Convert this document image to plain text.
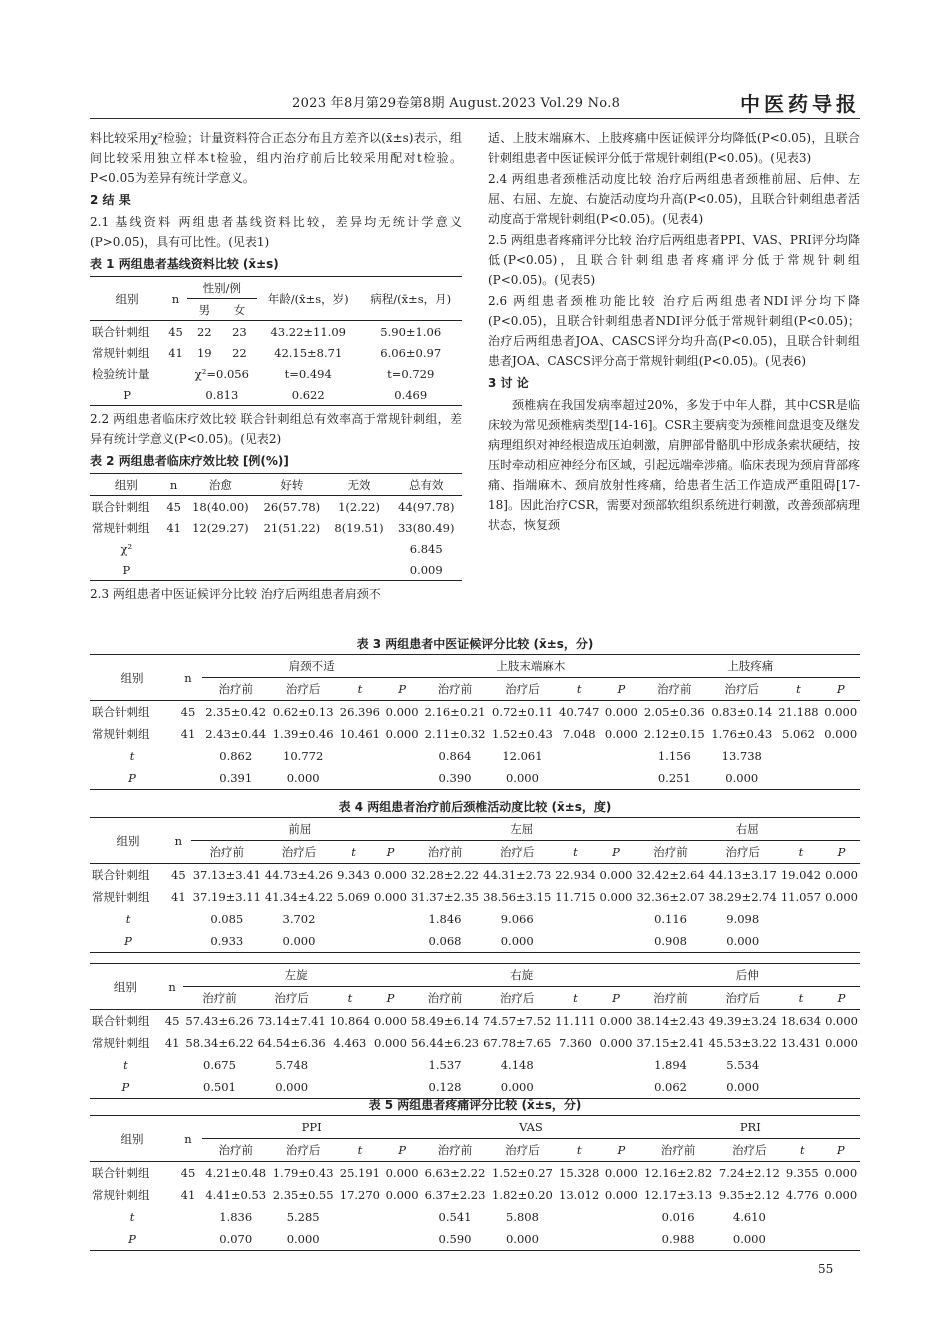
2023 年8月第29卷第8期 August.2023 Vol.29 No.8	中医药导报

料比较采用χ²检验；计量资料符合正态分布且方差齐以(x̄±s)表示，组间比较采用独立样本t检验，组内治疗前后比较采用配对t检验。P<0.05为差异有统计学意义。

2 结 果

2.1 基线资料 两组患者基线资料比较，差异均无统计学意义(P>0.05)，具有可比性。(见表1)

表 1 两组患者基线资料比较 (x̄±s)

组别	n	性别/例		年龄/(x̄±s，岁)	病程/(x̄±s，月)
		男	女		
联合针刺组	45	22	23	43.22±11.09	5.90±1.06
常规针刺组	41	19	22	42.15±8.71	6.06±0.97
检验统计量		χ²=0.056		t=0.494	t=0.729
P		0.813		0.622	0.469

2.2 两组患者临床疗效比较 联合针刺组总有效率高于常规针刺组，差异有统计学意义(P<0.05)。(见表2)

表 2 两组患者临床疗效比较 [例(%)]

组别	n	治愈	好转	无效	总有效
联合针刺组	45	18(40.00)	26(57.78)	1(2.22)	44(97.78)
常规针刺组	41	12(29.27)	21(51.22)	8(19.51)	33(80.49)
χ²					6.845
P					0.009

2.3 两组患者中医证候评分比较 治疗后两组患者肩颈不

适、上肢末端麻木、上肢疼痛中医证候评分均降低(P<0.05)，且联合针刺组患者中医证候评分低于常规针刺组(P<0.05)。(见表3)

2.4 两组患者颈椎活动度比较 治疗后两组患者颈椎前屈、后伸、左屈、右屈、左旋、右旋活动度均升高(P<0.05)，且联合针刺组患者活动度高于常规针刺组(P<0.05)。(见表4)

2.5 两组患者疼痛评分比较 治疗后两组患者PPI、VAS、PRI评分均降低(P<0.05)，且联合针刺组患者疼痛评分低于常规针刺组(P<0.05)。(见表5)

2.6 两组患者颈椎功能比较 治疗后两组患者NDI评分均下降(P<0.05)，且联合针刺组患者NDI评分低于常规针刺组(P<0.05)；治疗后两组患者JOA、CASCS评分均升高(P<0.05)，且联合针刺组患者JOA、CASCS评分高于常规针刺组(P<0.05)。(见表6)

3 讨 论

颈椎病在我国发病率超过20%，多发于中年人群，其中CSR是临床较为常见颈椎病类型[14-16]。CSR主要病变为颈椎间盘退变及继发病理组织对神经根造成压迫刺激，肩胛部骨骼肌中形成条索状硬结，按压时牵动相应神经分布区域，引起远端牵涉痛。临床表现为颈肩背部疼痛、指端麻木、颈肩放射性疼痛，给患者生活工作造成严重阻碍[17-18]。因此治疗CSR，需要对颈部软组织系统进行刺激，改善颈部病理状态，恢复颈

表 3 两组患者中医证候评分比较 (x̄±s，分)

组别	n	肩颈不适				上肢末端麻木				上肢疼痛			
		治疗前	治疗后	t	P	治疗前	治疗后	t	P	治疗前	治疗后	t	P
联合针刺组	45	2.35±0.42	0.62±0.13	26.396	0.000	2.16±0.21	0.72±0.11	40.747	0.000	2.05±0.36	0.83±0.14	21.188	0.000
常规针刺组	41	2.43±0.44	1.39±0.46	10.461	0.000	2.11±0.32	1.52±0.43	7.048	0.000	2.12±0.15	1.76±0.43	5.062	0.000
t		0.862	10.772			0.864	12.061			1.156	13.738		
P		0.391	0.000			0.390	0.000			0.251	0.000		

表 4 两组患者治疗前后颈椎活动度比较 (x̄±s，度)

组别	n	前屈				左屈				右屈			
		治疗前	治疗后	t	P	治疗前	治疗后	t	P	治疗前	治疗后	t	P
联合针刺组	45	37.13±3.41	44.73±4.26	9.343	0.000	32.28±2.22	44.31±2.73	22.934	0.000	32.42±2.64	44.13±3.17	19.042	0.000
常规针刺组	41	37.19±3.11	41.34±4.22	5.069	0.000	31.37±2.35	38.56±3.15	11.715	0.000	32.36±2.07	38.29±2.74	11.057	0.000
t		0.085	3.702			1.846	9.066			0.116	9.098		
P		0.933	0.000			0.068	0.000			0.908	0.000		
组别	n	左旋				右旋				后伸			
		治疗前	治疗后	t	P	治疗前	治疗后	t	P	治疗前	治疗后	t	P
联合针刺组	45	57.43±6.26	73.14±7.41	10.864	0.000	58.49±6.14	74.57±7.52	11.111	0.000	38.14±2.43	49.39±3.24	18.634	0.000
常规针刺组	41	58.34±6.22	64.54±6.36	4.463	0.000	56.44±6.23	67.78±7.65	7.360	0.000	37.15±2.41	45.53±3.22	13.431	0.000
t		0.675	5.748			1.537	4.148			1.894	5.534		
P		0.501	0.000			0.128	0.000			0.062	0.000		

表 5 两组患者疼痛评分比较 (x̄±s，分)

组别	n	PPI				VAS				PRI			
		治疗前	治疗后	t	P	治疗前	治疗后	t	P	治疗前	治疗后	t	P
联合针刺组	45	4.21±0.48	1.79±0.43	25.191	0.000	6.63±2.22	1.52±0.27	15.328	0.000	12.16±2.82	7.24±2.12	9.355	0.000
常规针刺组	41	4.41±0.53	2.35±0.55	17.270	0.000	6.37±2.23	1.82±0.20	13.012	0.000	12.17±3.13	9.35±2.12	4.776	0.000
t		1.836	5.285			0.541	5.808			0.016	4.610		
P		0.070	0.000			0.590	0.000			0.988	0.000		
55
